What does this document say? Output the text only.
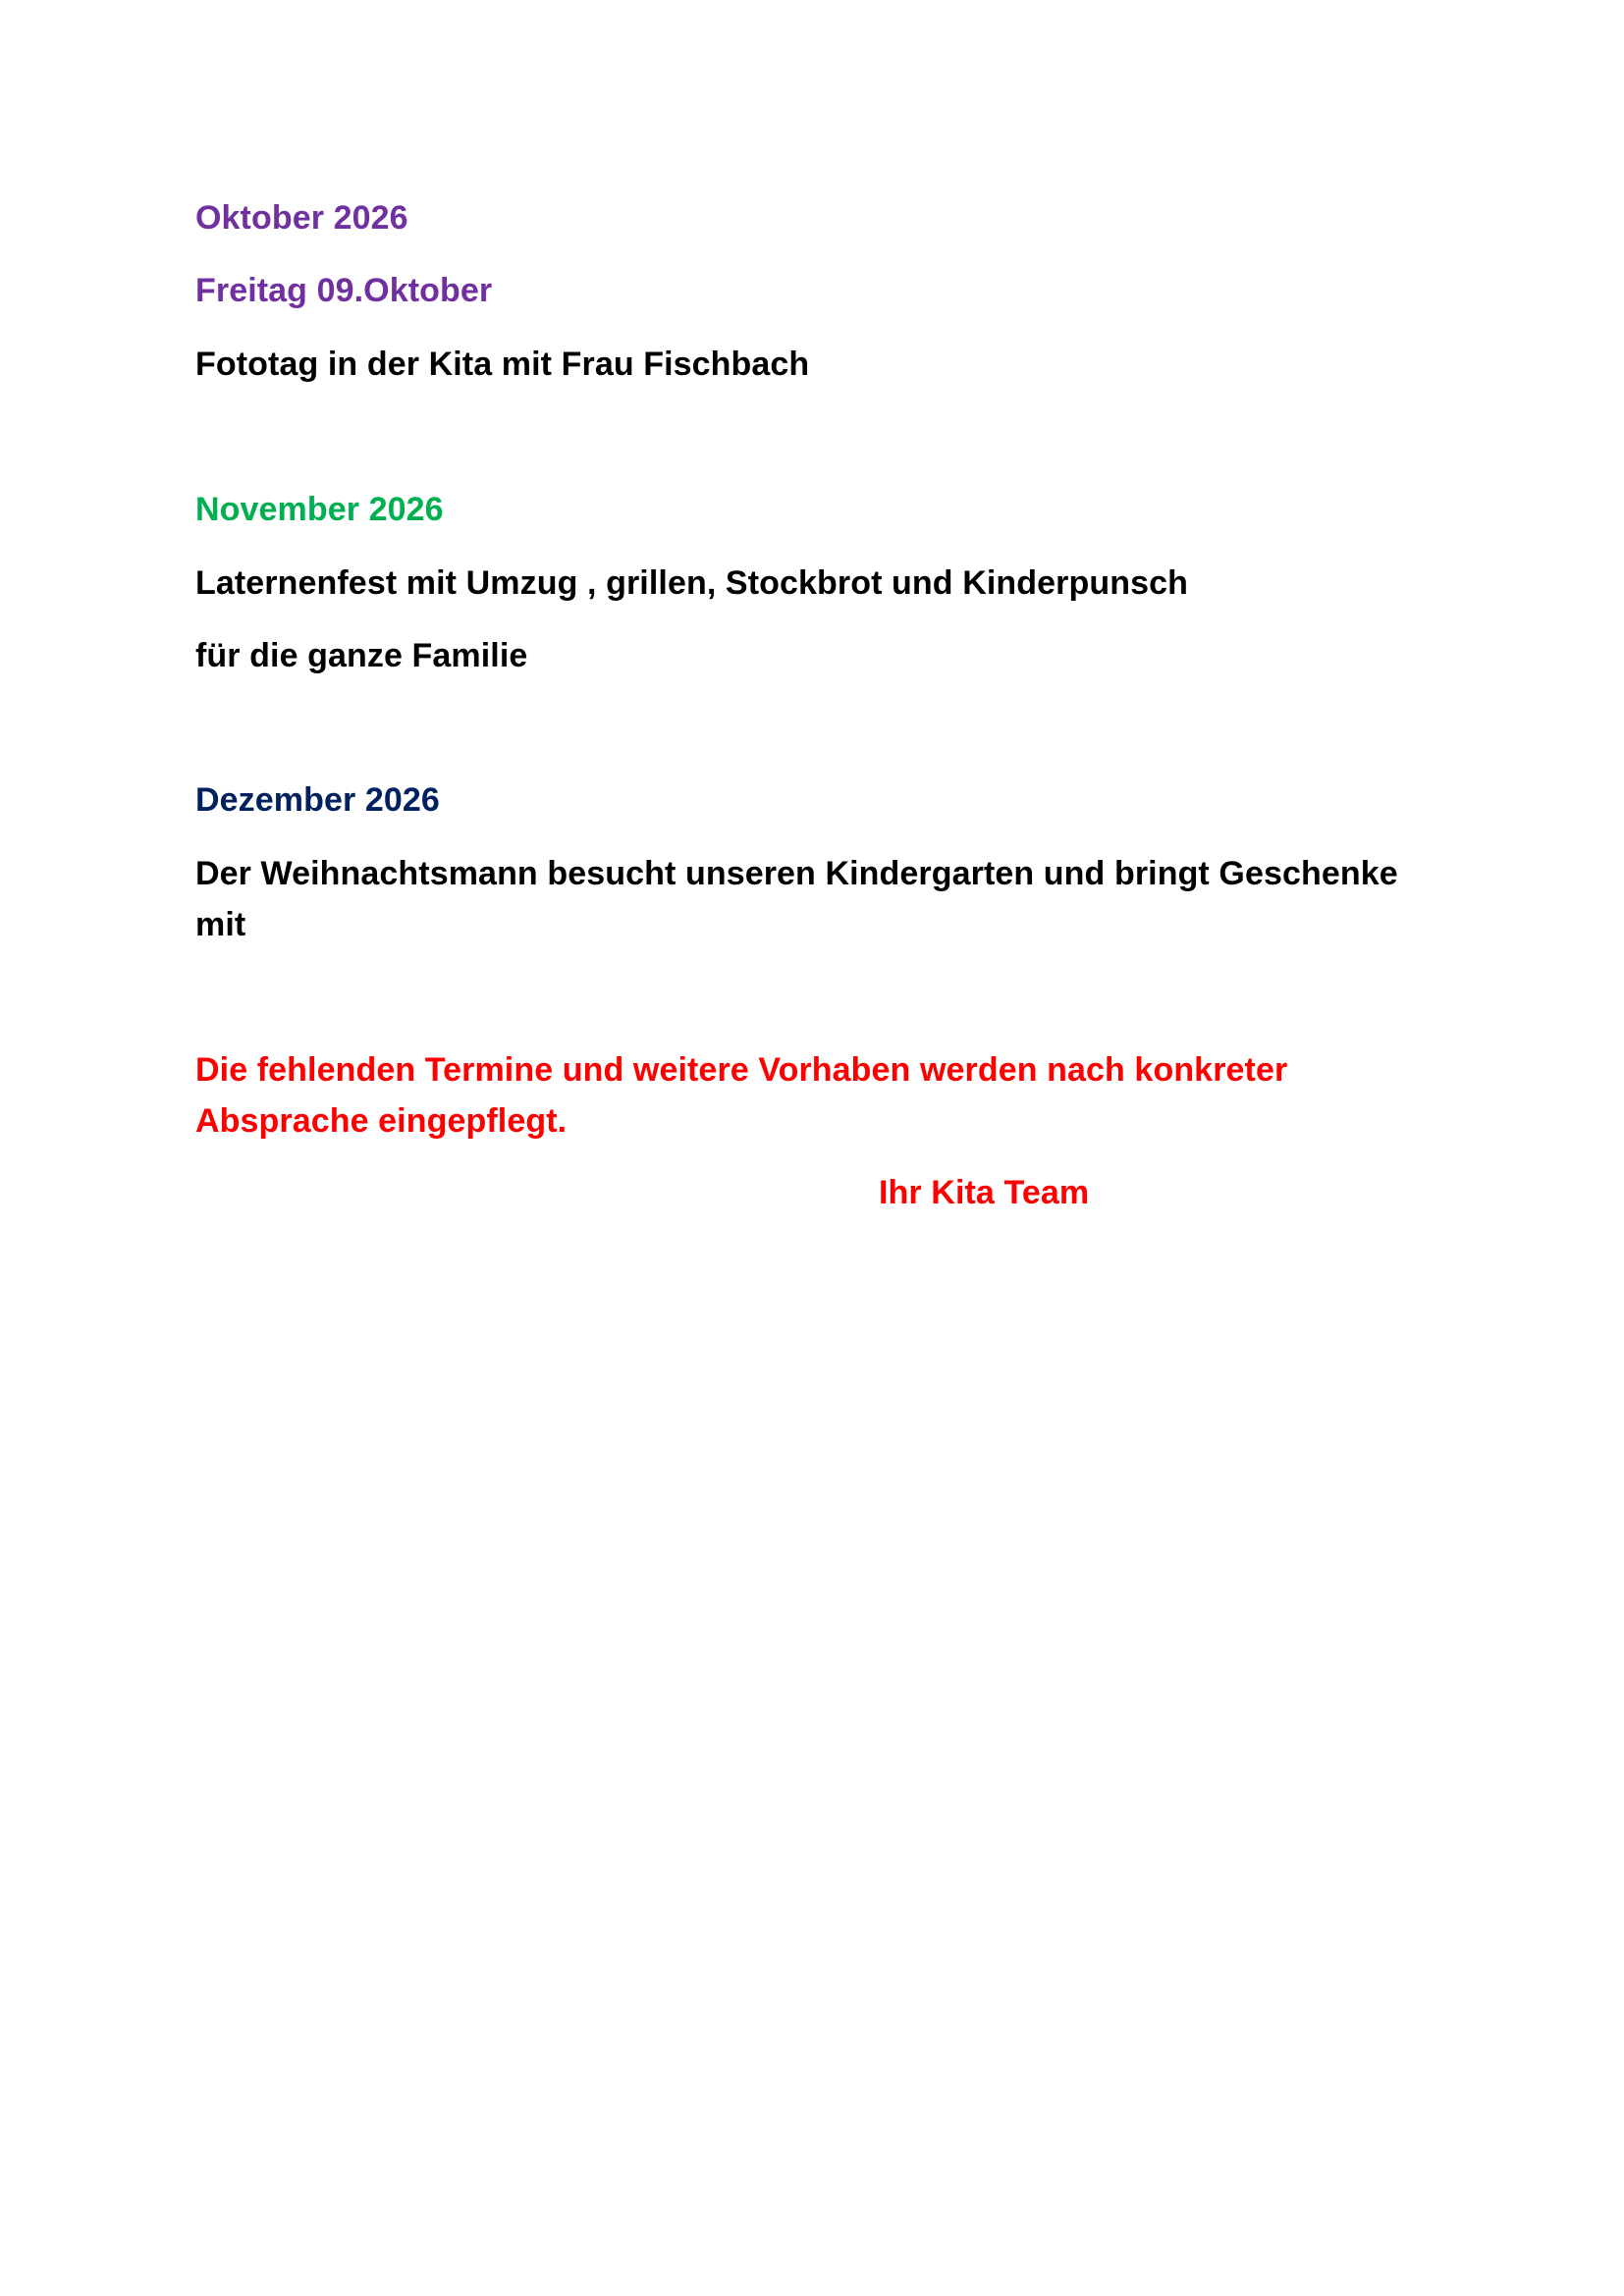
Oktober 2026

Freitag 09.Oktober

Fototag in der Kita mit Frau Fischbach

November 2026

Laternenfest mit Umzug , grillen, Stockbrot und Kinderpunsch

für die ganze Familie

Dezember 2026

Der Weihnachtsmann besucht unseren Kindergarten und bringt Geschenke mit

Die fehlenden Termine und weitere Vorhaben werden nach konkreter Absprache eingepflegt.

Ihr Kita Team
